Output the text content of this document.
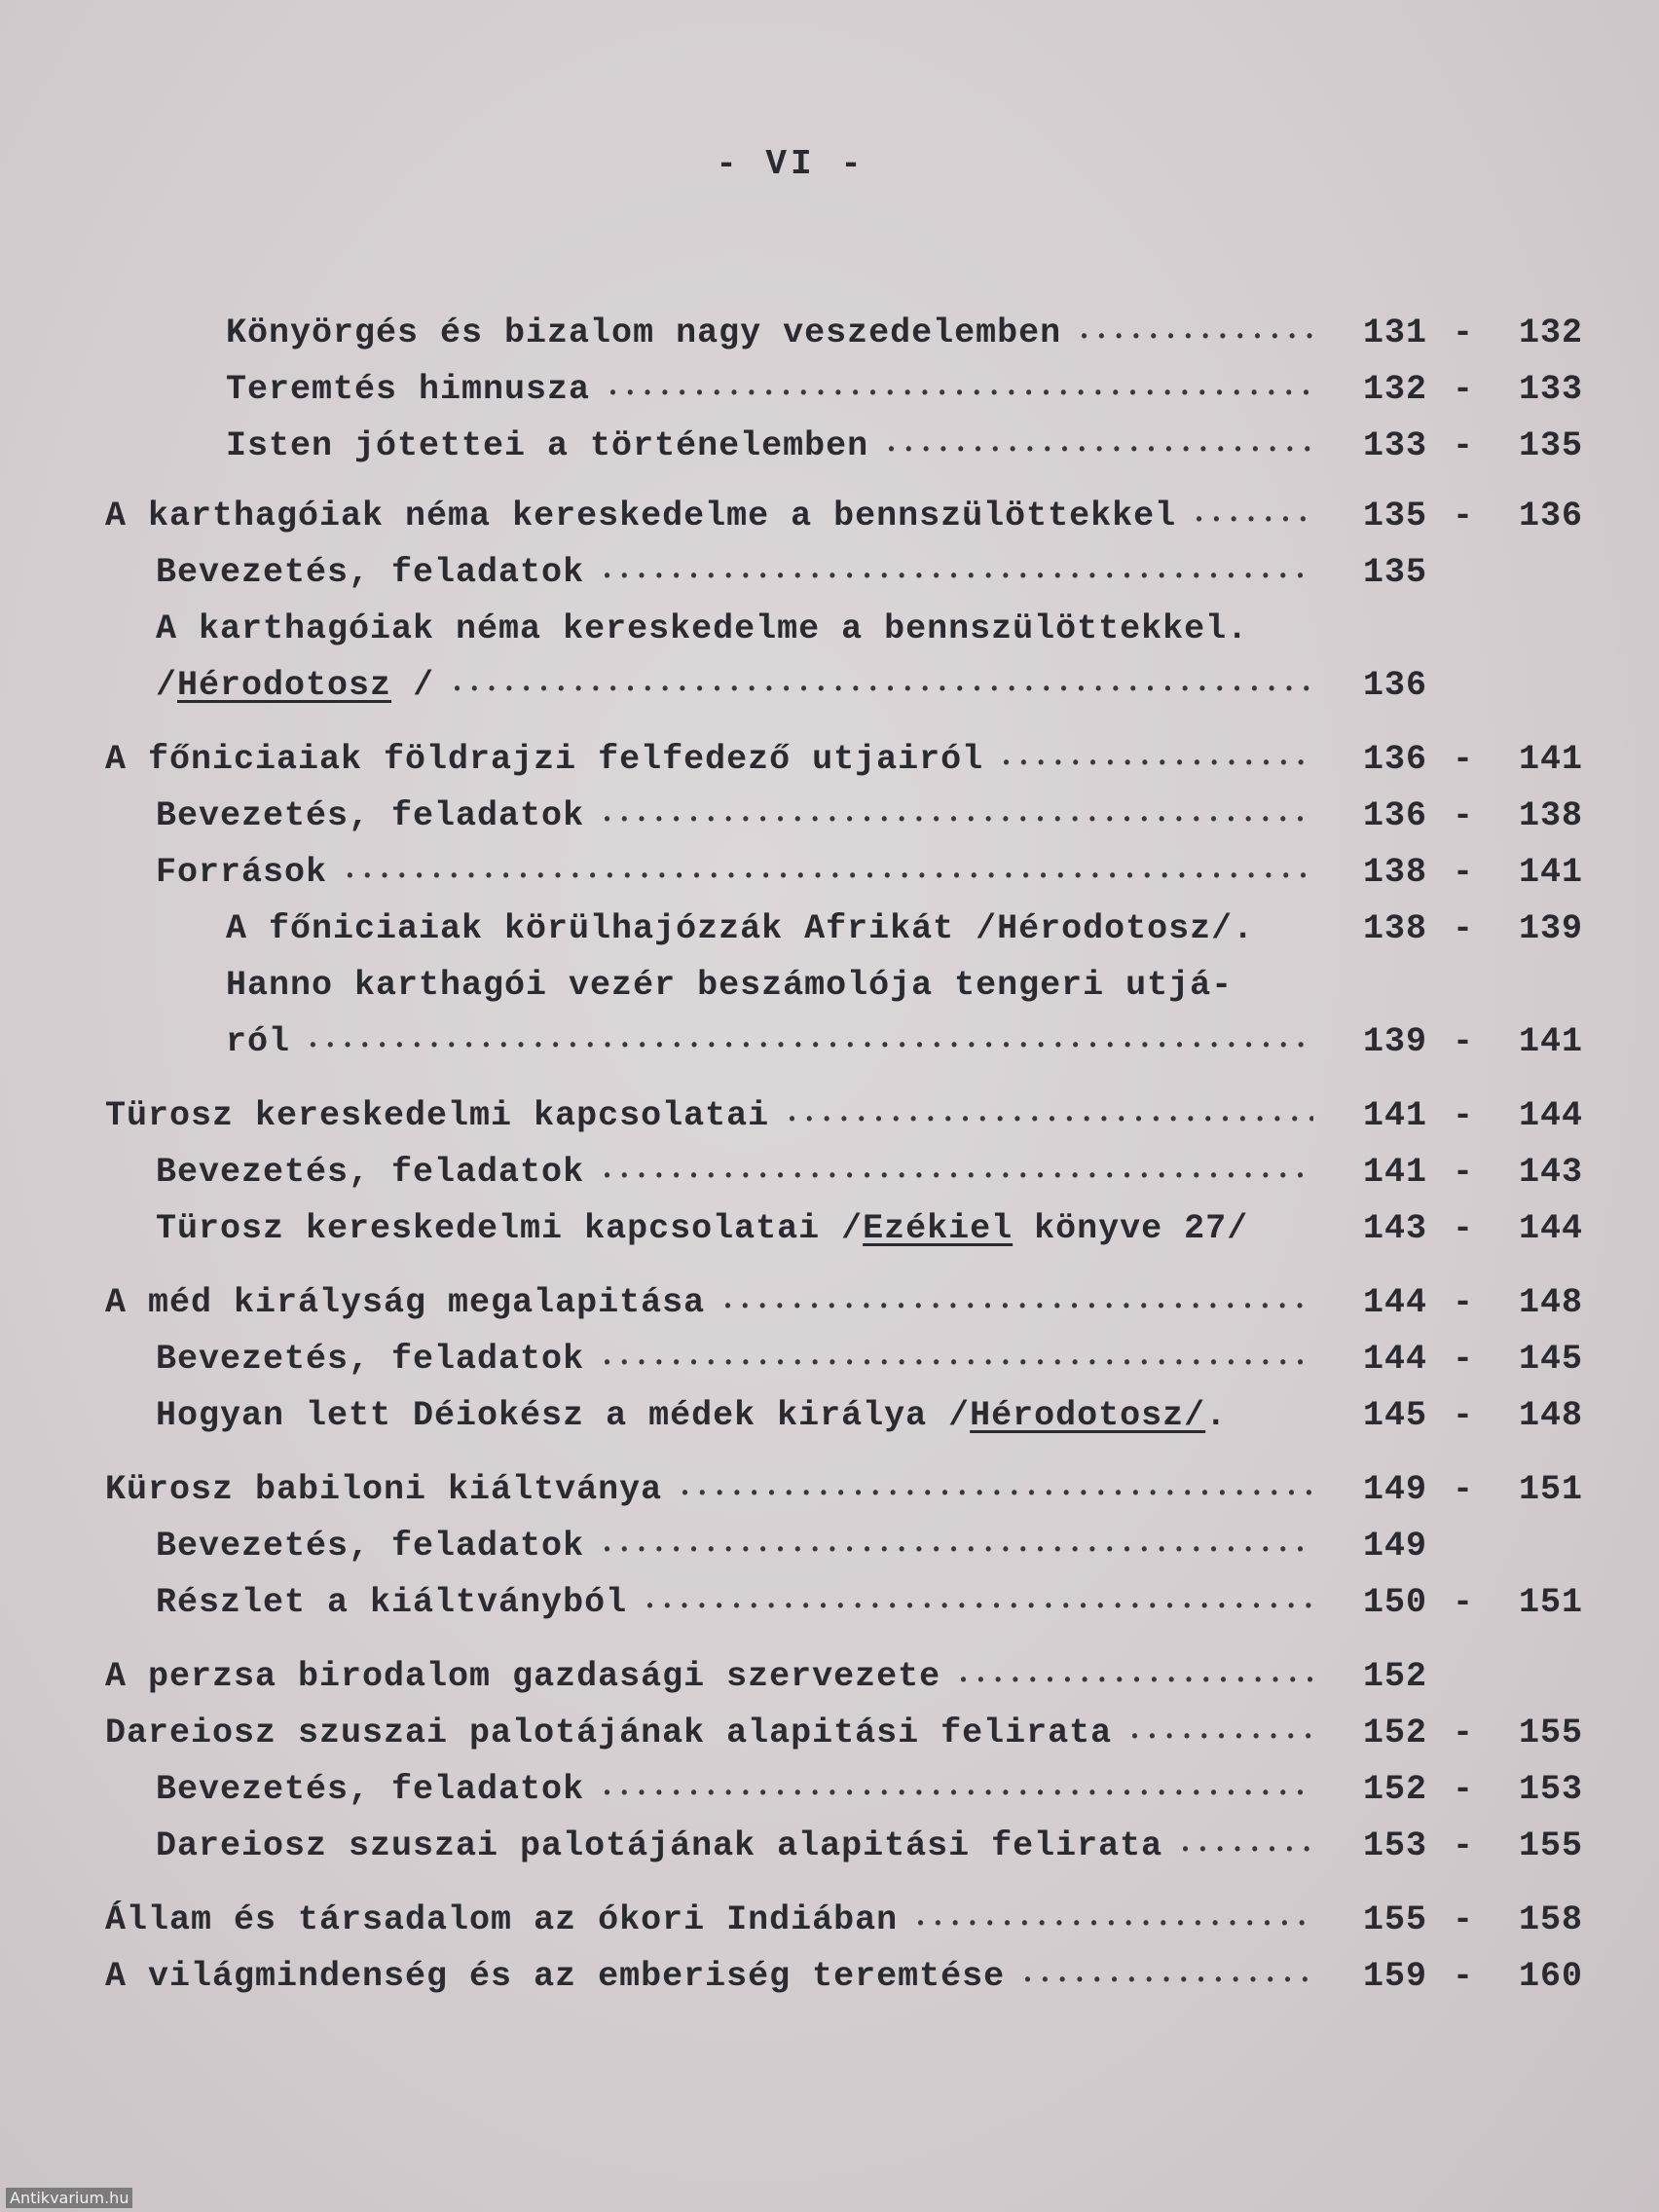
- VI -
Könyörgés és bizalom nagy veszedelemben •••••	131 - 132
Teremtés himnusza •••••	132 - 133
Isten jótettei a történelemben •••••	133 - 135
A karthagóiak néma kereskedelme a bennszülöttekkel •••••	135 - 136
Bevezetés, feladatok •••••	135
A karthagóiak néma kereskedelme a bennszülöttekkel.
/Hérodotosz / •••••	136
A főniciaiak földrajzi felfedező utjairól •••••	136 - 141
Bevezetés, feladatok •••••	136 - 138
Források •••••	138 - 141
A főniciaiak körülhajózzák Afrikát /Hérodotosz/.	138 - 139
Hanno karthagói vezér beszámolója tengeri utjá-
ról •••••	139 - 141
Türosz kereskedelmi kapcsolatai •••••	141 - 144
Bevezetés, feladatok •••••	141 - 143
Türosz kereskedelmi kapcsolatai /Ezékiel könyve 27/	143 - 144
A méd királyság megalapitása •••••	144 - 148
Bevezetés, feladatok •••••	144 - 145
Hogyan lett Déiokész a médek királya /Hérodotosz/.	145 - 148
Kürosz babiloni kiáltványa •••••	149 - 151
Bevezetés, feladatok •••••	149
Részlet a kiáltványból •••••	150 - 151
A perzsa birodalom gazdasági szervezete •••••	152
Dareiosz szuszai palotájának alapitási felirata •••••	152 - 155
Bevezetés, feladatok •••••	152 - 153
Dareiosz szuszai palotájának alapitási felirata •••••	153 - 155
Állam és társadalom az ókori Indiában •••••	155 - 158
A világmindenség és az emberiség teremtése •••••	159 - 160
Antikvarium.hu
